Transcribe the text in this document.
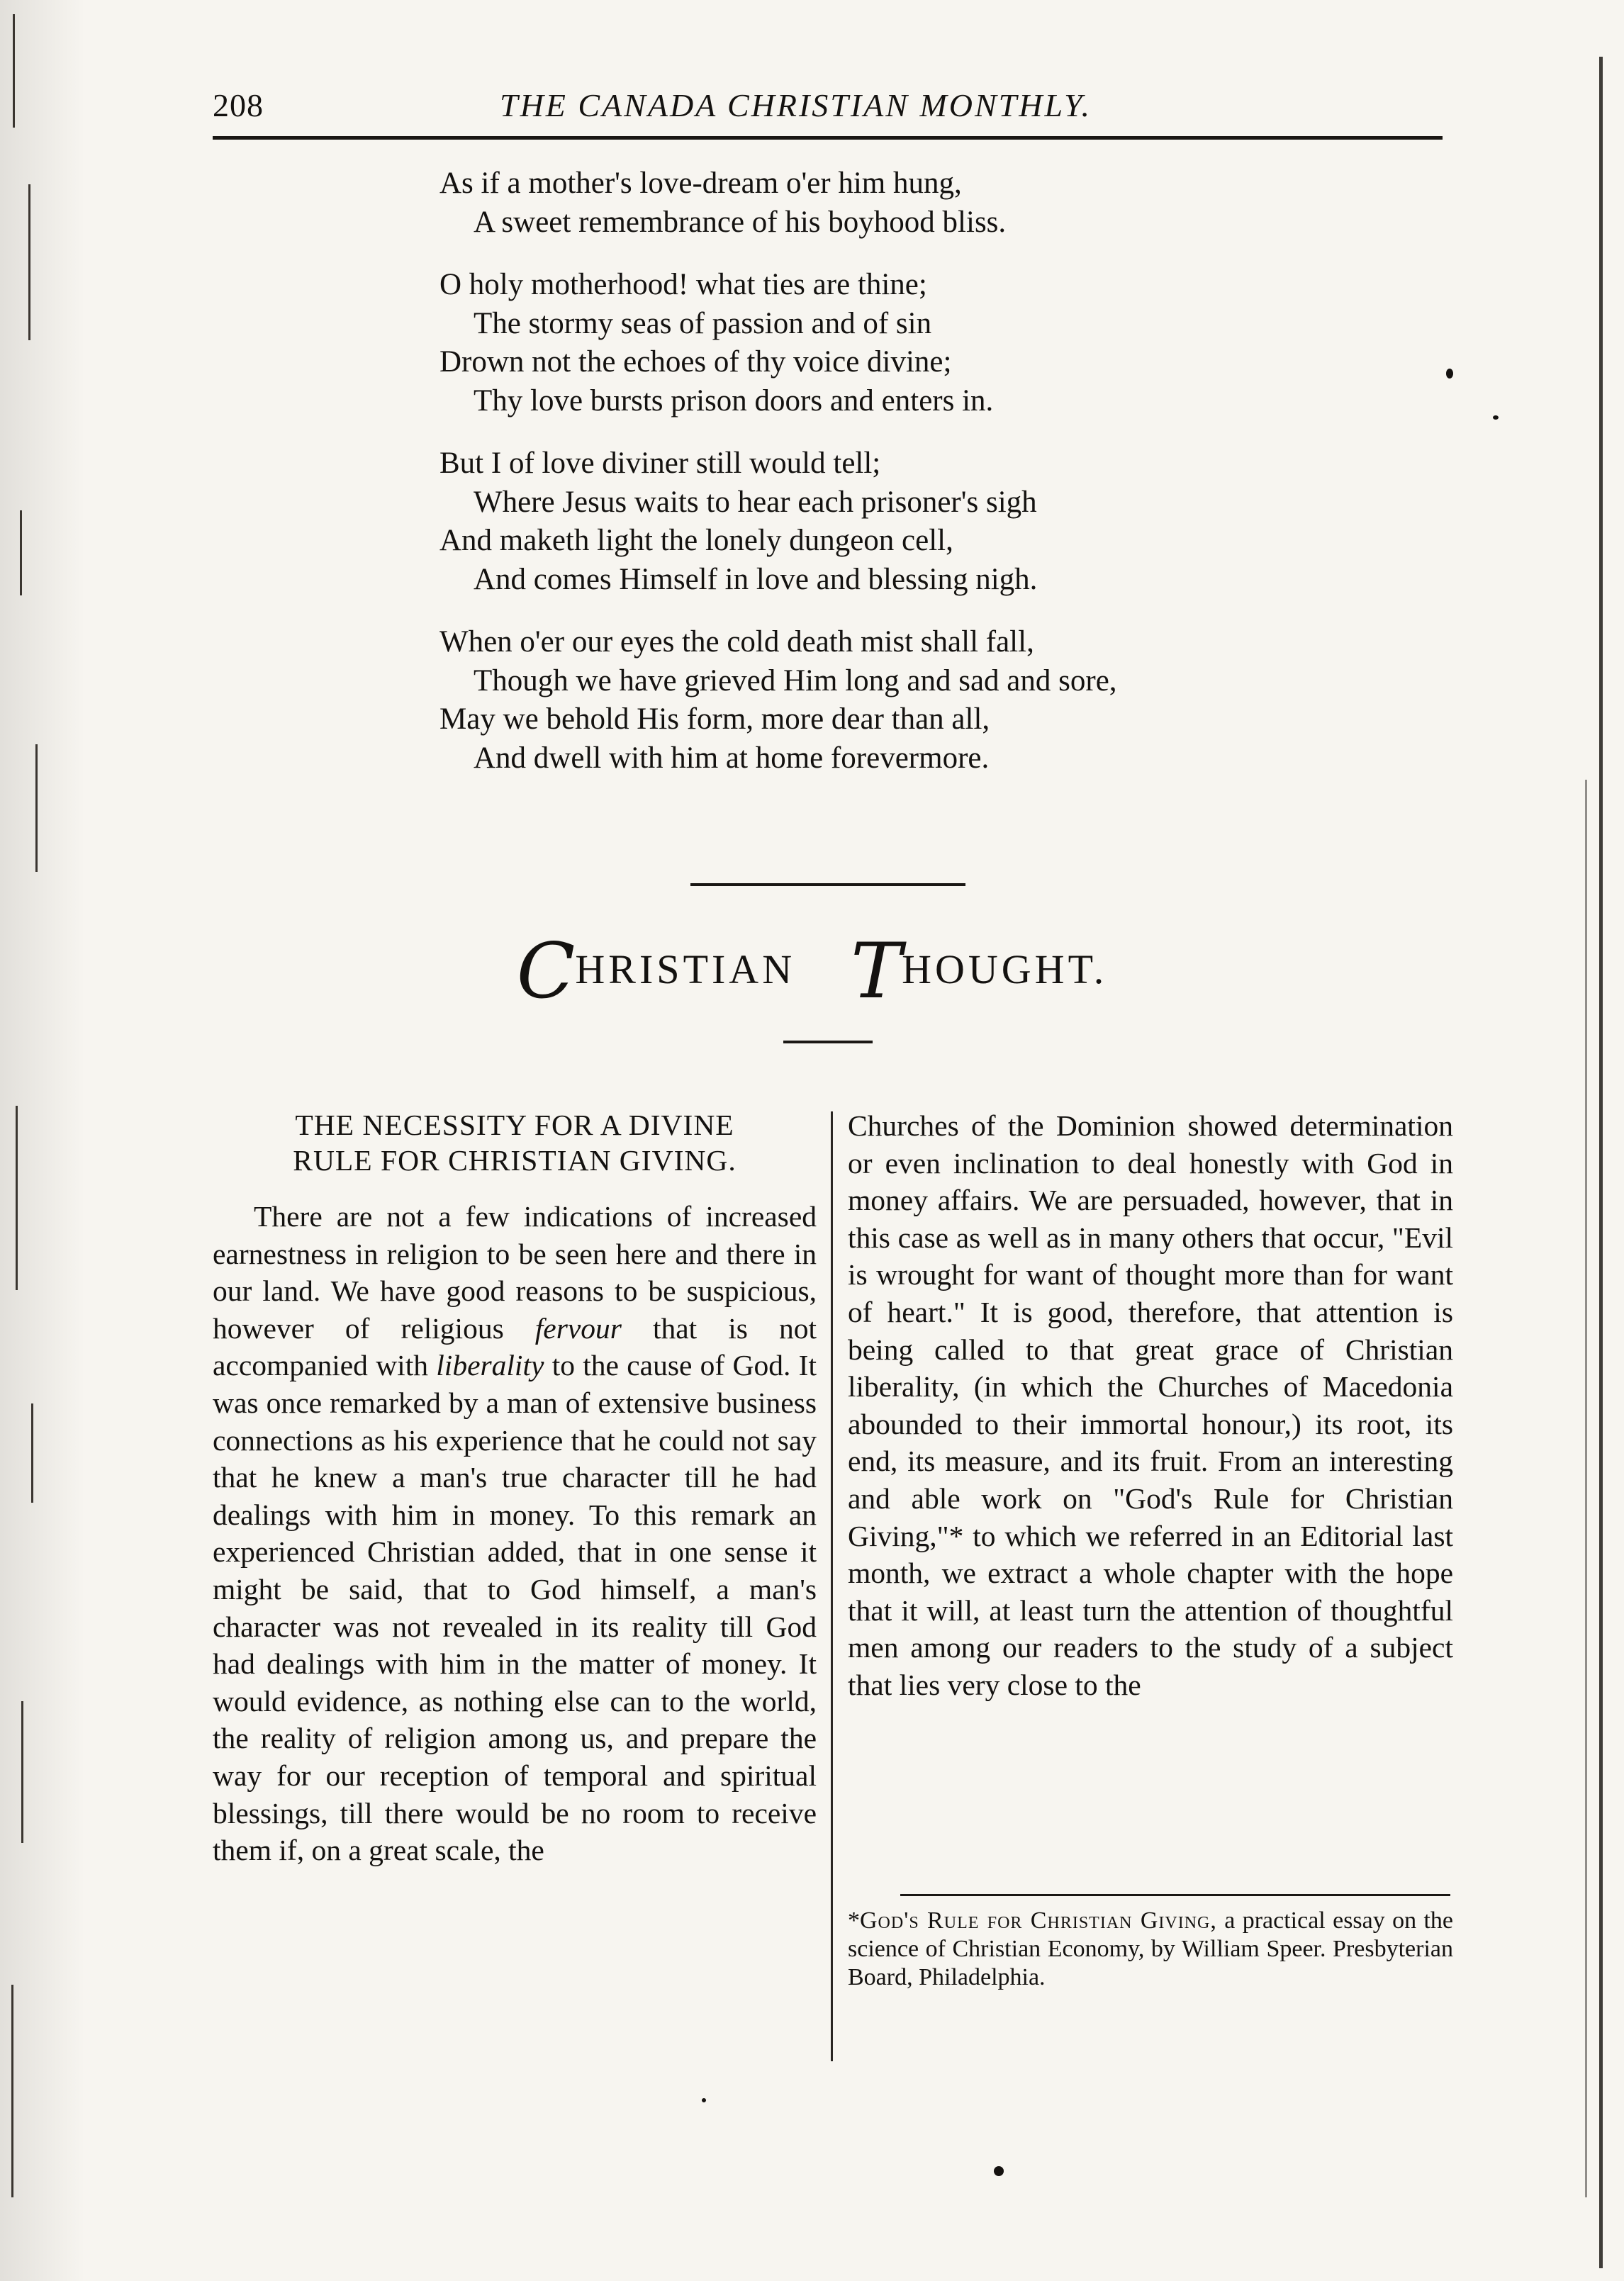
208	THE CANADA CHRISTIAN MONTHLY.
As if a mother's love-dream o'er him hung,
A sweet remembrance of his boyhood bliss.
O holy motherhood! what ties are thine;
The stormy seas of passion and of sin
Drown not the echoes of thy voice divine;
Thy love bursts prison doors and enters in.
But I of love diviner still would tell;
Where Jesus waits to hear each prisoner's sigh
And maketh light the lonely dungeon cell,
And comes Himself in love and blessing nigh.
When o'er our eyes the cold death mist shall fall,
Though we have grieved Him long and sad and sore,
May we behold His form, more dear than all,
And dwell with him at home forevermore.
CHRISTIAN THOUGHT.
THE NECESSITY FOR A DIVINE
RULE FOR CHRISTIAN GIVING.

There are not a few indications of increased earnestness in religion to be seen here and there in our land. We have good reasons to be suspicious, however of religious fervour that is not accompanied with liberality to the cause of God. It was once remarked by a man of extensive business connections as his experience that he could not say that he knew a man's true character till he had dealings with him in money. To this remark an experienced Christian added, that in one sense it might be said, that to God himself, a man's character was not revealed in its reality till God had dealings with him in the matter of money. It would evidence, as nothing else can to the world, the reality of religion among us, and prepare the way for our reception of temporal and spiritual blessings, till there would be no room to receive them if, on a great scale, the

Churches of the Dominion showed determination or even inclination to deal honestly with God in money affairs. We are persuaded, however, that in this case as well as in many others that occur, "Evil is wrought for want of thought more than for want of heart." It is good, therefore, that attention is being called to that great grace of Christian liberality, (in which the Churches of Macedonia abounded to their immortal honour,) its root, its end, its measure, and its fruit. From an interesting and able work on "God's Rule for Christian Giving,"* to which we referred in an Editorial last month, we extract a whole chapter with the hope that it will, at least turn the attention of thoughtful men among our readers to the study of a subject that lies very close to the

*God's Rule for Christian Giving, a practical essay on the science of Christian Economy, by William Speer. Presbyterian Board, Philadelphia.
